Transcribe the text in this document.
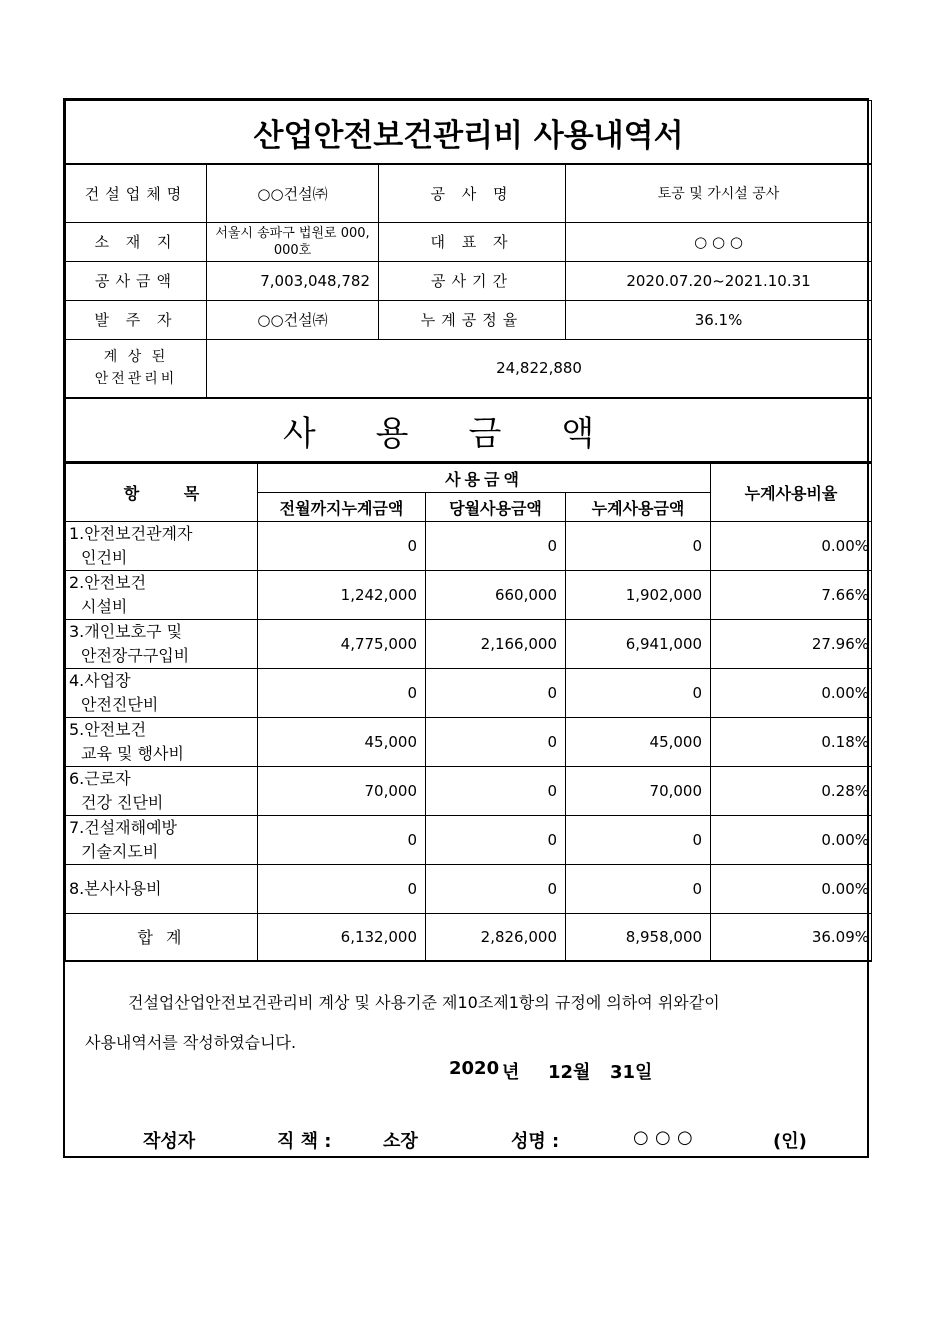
산업안전보건관리비 사용내역서			
건설업체명	○○건설㈜	공 사 명	토공 및 가시설 공사
소 재 지	서울시 송파구 법원로 000, 000호	대 표 자	○ ○ ○
공사금액	7,003,048,782	공사기간	2020.07.20~2021.10.31
발 주 자	○○건설㈜	누계공정율	36.1%

계 상 된
안전관리비	24,822,880		
사용금액			
항        목	사용금액			누계사용비율
	전월까지누계금액	당월사용금액	누계사용금액	

1.안전보건관계자
인건비	0	0	0	0.00%

2.안전보건
시설비	1,242,000	660,000	1,902,000	7.66%

3.개인보호구 및
안전장구구입비	4,775,000	2,166,000	6,941,000	27.96%

4.사업장
안전진단비	0	0	0	0.00%

5.안전보건
교육 및 행사비	45,000	0	45,000	0.18%

6.근로자
건강 진단비	70,000	0	70,000	0.28%

7.건설재해예방
기술지도비	0	0	0	0.00%

8.본사사용비	0	0	0	0.00%
합 계	6,132,000	2,826,000	8,958,000	36.09%
건설업산업안전보건관리비 계상 및 사용기준 제10조제1항의 규정에 의하여 위와같이
사용내역서를 작성하였습니다.
2020 년 12월 31일
작성자	직 책 :	소장	성명 :	○ ○ ○	(인)
